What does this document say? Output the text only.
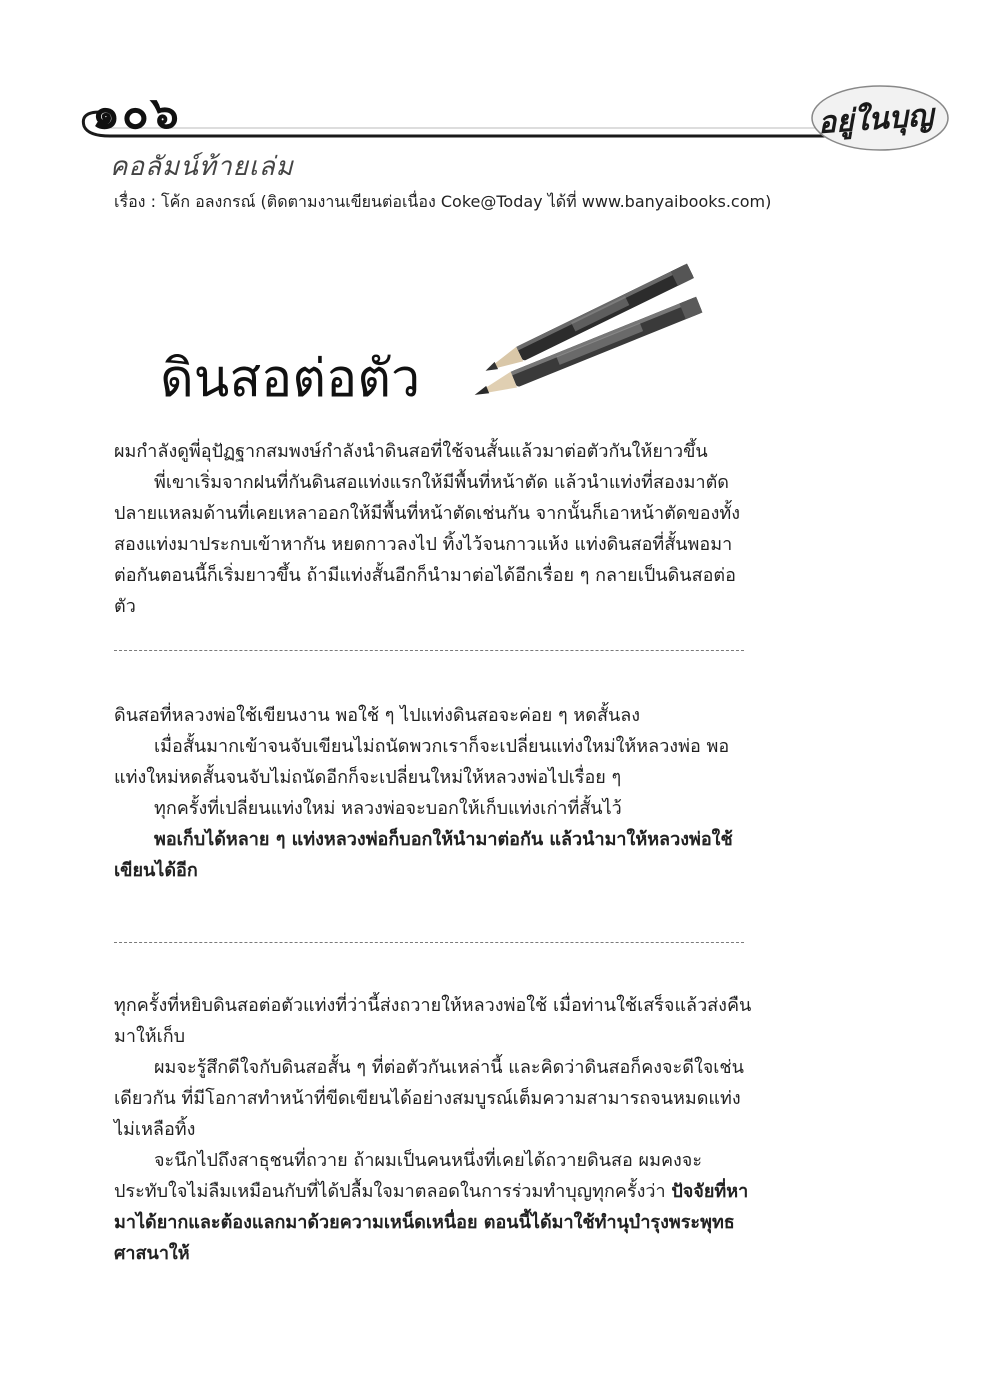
๑๐๖	อยู่ในบุญ
คอลัมน์ท้ายเล่ม
เรื่อง : โค้ก อลงกรณ์ (ติดตามงานเขียนต่อเนื่อง Coke@Today ได้ที่ www.banyaibooks.com)
ดินสอต่อตัว

ผมกำลังดูพี่อุปัฏฐากสมพงษ์กำลังนำดินสอที่ใช้จนสั้นแล้วมาต่อตัวกันให้ยาวขึ้น

พี่เขาเริ่มจากฝนที่กันดินสอแท่งแรกให้มีพื้นที่หน้าตัด แล้วนำแท่งที่สองมาตัดปลายแหลมด้านที่เคยเหลาออกให้มีพื้นที่หน้าตัดเช่นกัน จากนั้นก็เอาหน้าตัดของทั้งสองแท่งมาประกบเข้าหากัน หยดกาวลงไป ทิ้งไว้จนกาวแห้ง แท่งดินสอที่สั้นพอมาต่อกันตอนนี้ก็เริ่มยาวขึ้น ถ้ามีแท่งสั้นอีกก็นำมาต่อได้อีกเรื่อย ๆ กลายเป็นดินสอต่อตัว

ดินสอที่หลวงพ่อใช้เขียนงาน พอใช้ ๆ ไปแท่งดินสอจะค่อย ๆ หดสั้นลง

เมื่อสั้นมากเข้าจนจับเขียนไม่ถนัดพวกเราก็จะเปลี่ยนแท่งใหม่ให้หลวงพ่อ พอแท่งใหม่หดสั้นจนจับไม่ถนัดอีกก็จะเปลี่ยนใหม่ให้หลวงพ่อไปเรื่อย ๆ

ทุกครั้งที่เปลี่ยนแท่งใหม่ หลวงพ่อจะบอกให้เก็บแท่งเก่าที่สั้นไว้

พอเก็บได้หลาย ๆ แท่งหลวงพ่อก็บอกให้นำมาต่อกัน แล้วนำมาให้หลวงพ่อใช้เขียนได้อีก

ทุกครั้งที่หยิบดินสอต่อตัวแท่งที่ว่านี้ส่งถวายให้หลวงพ่อใช้ เมื่อท่านใช้เสร็จแล้วส่งคืนมาให้เก็บ

ผมจะรู้สึกดีใจกับดินสอสั้น ๆ ที่ต่อตัวกันเหล่านี้ และคิดว่าดินสอก็คงจะดีใจเช่นเดียวกัน ที่มีโอกาสทำหน้าที่ขีดเขียนได้อย่างสมบูรณ์เต็มความสามารถจนหมดแท่งไม่เหลือทิ้ง

จะนึกไปถึงสาธุชนที่ถวาย ถ้าผมเป็นคนหนึ่งที่เคยได้ถวายดินสอ ผมคงจะประทับใจไม่ลืมเหมือนกับที่ได้ปลื้มใจมาตลอดในการร่วมทำบุญทุกครั้งว่า ปัจจัยที่หามาได้ยากและต้องแลกมาด้วยความเหน็ดเหนื่อย ตอนนี้ได้มาใช้ทำนุบำรุงพระพุทธศาสนาให้
